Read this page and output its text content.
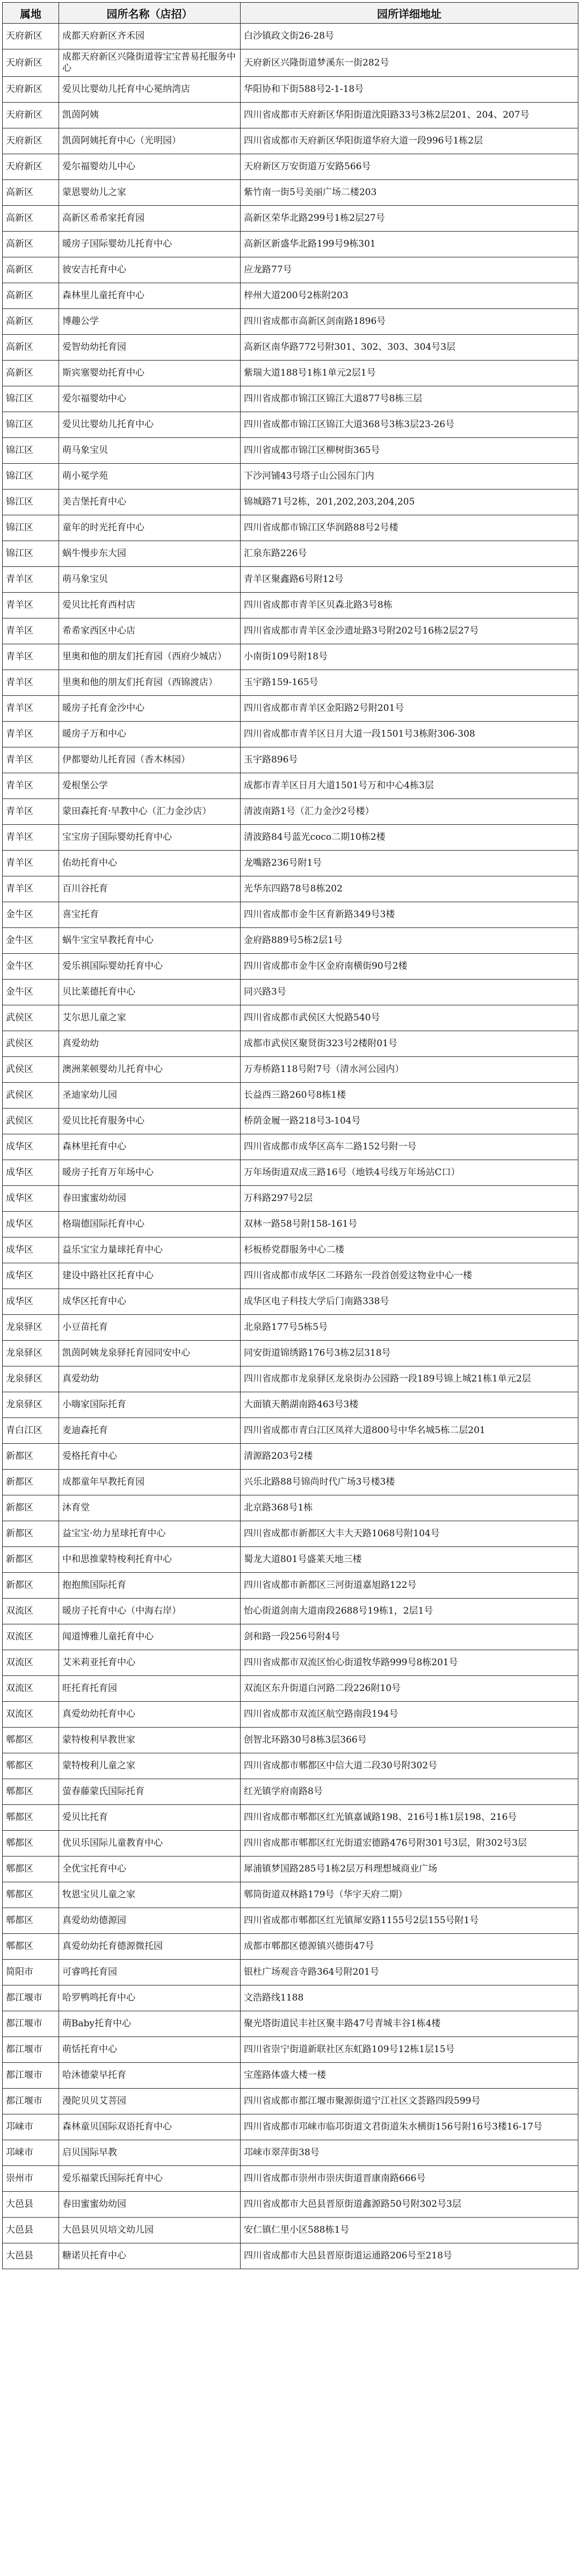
属地	园所名称（店招）	园所详细地址
天府新区	成都天府新区齐禾园	白沙镇政文街26-28号
天府新区	成都天府新区兴隆街道蓉宝宝普易托服务中心	天府新区兴隆街道梦溪东一街282号
天府新区	爱贝比婴幼儿托育中心冕纳湾店	华阳协和下街588号2-1-18号
天府新区	凯茵阿姨	四川省成都市天府新区华阳街道沈阳路33号3栋2层201、204、207号
天府新区	凯茵阿姨托育中心（光明园）	四川省成都市天府新区华阳街道华府大道一段996号1栋2层
天府新区	爱尔福婴幼儿中心	天府新区万安街道万安路566号
高新区	蒙恩婴幼儿之家	紫竹南一街5号美丽广场二楼203
高新区	高新区希希家托育园	高新区荣华北路299号1栋2层27号
高新区	暖房子国际婴幼儿托育中心	高新区新盛华北路199号9栋301
高新区	彼安吉托育中心	应龙路77号
高新区	森林里儿童托育中心	梓州大道200号2栋附203
高新区	博趣公学	四川省成都市高新区剑南路1896号
高新区	爱智幼幼托育园	高新区南华路772号附301、302、303、304号3层
高新区	斯宾塞婴幼托育中心	紫瑞大道188号1栋1单元2层1号
锦江区	爱尔福婴幼中心	四川省成都市锦江区锦江大道877号8栋三层
锦江区	爱贝比婴幼儿托育中心	四川省成都市锦江区锦江大道368号3栋3层23-26号
锦江区	萌马象宝贝	四川省成都市锦江区柳树街365号
锦江区	萌小冕学苑	下沙河铺43号塔子山公园东门内
锦江区	美吉堡托育中心	锦城路71号2栋，201,202,203,204,205
锦江区	童年的时光托育中心	四川省成都市锦江区华润路88号2号楼
锦江区	蜗牛慢步东大园	汇泉东路226号
青羊区	萌马象宝贝	青羊区聚鑫路6号附12号
青羊区	爱贝比托育西村店	四川省成都市青羊区贝森北路3号8栋
青羊区	希希家西区中心店	四川省成都市青羊区金沙遗址路3号附202号16栋2层27号
青羊区	里奥和他的朋友们托育园（西府少城店）	小南街109号附18号
青羊区	里奥和他的朋友们托育园（西锦渡店）	玉宇路159-165号
青羊区	暖房子托育金沙中心	四川省成都市青羊区金阳路2号附201号
青羊区	暖房子万和中心	四川省成都市青羊区日月大道一段1501号3栋附306-308
青羊区	伊都婴幼儿托育园（香木林园）	玉宇路896号
青羊区	爱根堡公学	成都市青羊区日月大道1501号万和中心4栋3层
青羊区	蒙田森托育·早教中心（汇力金沙店）	清波南路1号（汇力金沙2号楼）
青羊区	宝宝房子国际婴幼托育中心	清波路84号蓝光coco二期10栋2楼
青羊区	佑幼托育中心	龙嘴路236号附1号
青羊区	百川谷托育	光华东四路78号8栋202
金牛区	喜宝托育	四川省成都市金牛区育新路349号3楼
金牛区	蜗牛宝宝早教托育中心	金府路889号5栋2层1号
金牛区	爱乐祺国际婴幼托育中心	四川省成都市金牛区金府南横街90号2楼
金牛区	贝比莱德托育中心	同兴路3号
武侯区	艾尔思儿童之家	四川省成都市武侯区大悦路540号
武侯区	真爱幼幼	成都市武侯区聚贤街323号2楼附01号
武侯区	澳洲莱顿婴幼儿托育中心	万寿桥路118号附7号（清水河公园内）
武侯区	圣迪家幼儿园	长益西三路260号8栋1楼
武侯区	爱贝比托育服务中心	桥荫金履一路218号3-104号
成华区	森林里托育中心	四川省成都市成华区高车二路152号附一号
成华区	暖房子托育万年场中心	万年场街道双成三路16号（地铁4号线万年场站C口）
成华区	春田蜜蜜幼幼园	万科路297号2层
成华区	格瑞德国际托育中心	双林一路58号附158-161号
成华区	益乐宝宝力量球托育中心	杉板桥党群服务中心二楼
成华区	建设中路社区托育中心	四川省成都市成华区二环路东一段首创爱这物业中心一楼
成华区	成华区托育中心	成华区电子科技大学后门南路338号
龙泉驿区	小豆苗托育	北泉路177号5栋5号
龙泉驿区	凯茵阿姨龙泉驿托育园同安中心	同安街道锦绣路176号3栋2层318号
龙泉驿区	真爱幼幼	四川省成都市龙泉驿区龙泉街办公园路一段189号锦上城21栋1单元2层
龙泉驿区	小嗨家国际托育	大面镇天鹅湖南路463号3楼
青白江区	麦迪森托育	四川省成都市青白江区凤祥大道800号中华名城5栋二层201
新都区	爱格托育中心	清源路203号2楼
新都区	成都童年早教托育园	兴乐北路88号锦尚时代广场3号楼3楼
新都区	沐育堂	北京路368号1栋
新都区	益宝宝·幼力星球托育中心	四川省成都市新都区大丰大天路1068号附104号
新都区	中和思推蒙特梭利托育中心	蜀龙大道801号盛莱天地三楼
新都区	抱抱熊国际托育	四川省成都市新都区三河街道嘉旭路122号
双流区	暖房子托育中心（中海右岸）	怡心街道剑南大道南段2688号19栋1，2层1号
双流区	闻道博雅儿童托育中心	剑和路一段256号附4号
双流区	艾米莉亚托育中心	四川省成都市双流区怡心街道牧华路999号8栋201号
双流区	旺托育托育园	双流区东升街道白河路二段226附10号
双流区	真爱幼幼托育中心	四川省成都市双流区航空路南段194号
郫都区	蒙特梭利早教世家	创智北环路30号8栋3层366号
郫都区	蒙特梭利儿童之家	四川省成都市郫都区中信大道二段30号附302号
郫都区	萤春藤蒙氏国际托育	红光镇学府南路8号
郫都区	爱贝比托育	四川省成都市郫都区红光镇嘉诚路198、216号1栋1层198、216号
郫都区	优贝乐国际儿童教育中心	四川省成都市郫都区红光街道宏德路476号附301号3层，附302号3层
郫都区	全优宝托育中心	犀浦镇梦国路285号1栋2层万科理想城商业广场
郫都区	牧恩宝贝儿童之家	郫筒街道双林路179号（华宇天府二期）
郫都区	真爱幼幼德源园	四川省成都市郫都区红光镇犀安路1155号2层155号附1号
郫都区	真爱幼幼托育德源微托园	成都市郫都区德源镇兴德街47号
简阳市	可睿鸣托育园	银杜广场观音寺路364号附201号
都江堰市	哈罗鸭鸣托育中心	文浩路线1188
都江堰市	萌Baby托育中心	聚光塔街道民丰社区聚丰路47号青城丰谷1栋4楼
都江堰市	萌恬托育中心	四川省崇宁街道新联社区东虹路109号12栋1层15号
都江堰市	哈沐德蒙早托育	宝莲路体盛大楼一楼
都江堰市	漫陀贝贝艾菩园	四川省成都市都江堰市聚源街道宁江社区文荟路四段599号
邛崃市	森林童贝国际双语托育中心	四川省成都市邛崃市临邛街道文君街道朱水横街156号附16号3楼16-17号
邛崃市	启贝国际早教	邛崃市翠萍街38号
崇州市	爱乐福蒙氏国际托育中心	四川省成都市崇州市崇庆街道晋康南路666号
大邑县	春田蜜蜜幼幼园	四川省成都市大邑县晋原街道鑫源路50号附302号3层
大邑县	大邑县贝贝培文幼儿园	安仁镇仁里小区588栋1号
大邑县	糖诺贝托育中心	四川省成都市大邑县晋原街道运通路206号至218号
